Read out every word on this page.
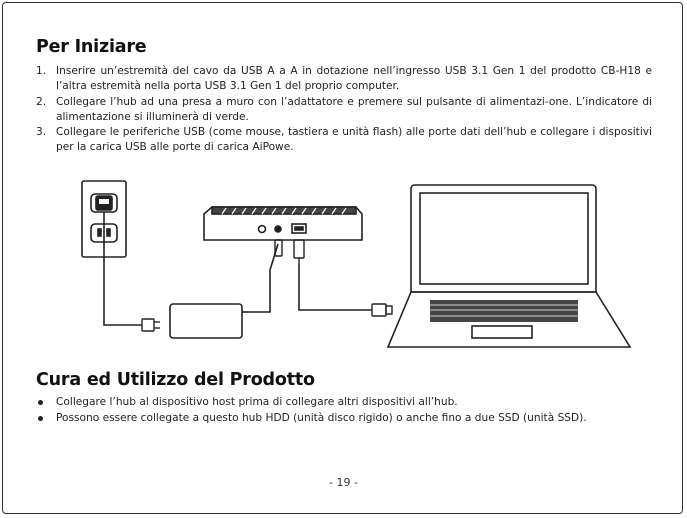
Per Iniziare
1. Inserire un’estremità del cavo da USB A a A in dotazione nell’ingresso USB 3.1 Gen 1 del prodotto CB-H18 e l’altra estremità nella porta USB 3.1 Gen 1 del proprio computer.
2. Collegare l’hub ad una presa a muro con l’adattatore e premere sul pulsante di alimentazi-one. L’indicatore di alimentazione si illuminerà di verde.
3. Collegare le periferiche USB (come mouse, tastiera e unità flash) alle porte dati dell’hub e collegare i dispositivi per la carica USB alle porte di carica AiPowe.
Cura ed Utilizzo del Prodotto
Collegare l’hub al dispositivo host prima di collegare altri dispositivi all’hub.
Possono essere collegate a questo hub HDD (unità disco rigido) o anche fino a due SSD (unità SSD).
- 19 -
